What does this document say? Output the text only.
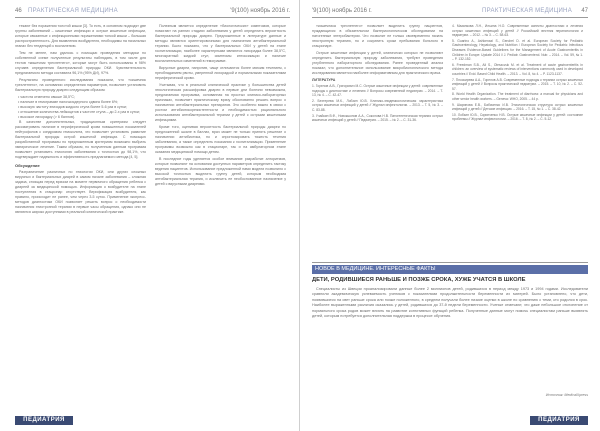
46 ПРАКТИЧЕСКАЯ МЕДИЦИНА	'9(100) ноябрь 2016 г.

текают без поражения толстой кишки [3]. То есть, в основном подходят две группы заболеваний – кишечные инфекции и острые кишечные инфекции, которые связанные с инфекционными поражениями тонкой кишки – большая распространенность. Для выявления возбудителя, необходимы на начальных этапах без тенденций к воспалению.

Тем не менее, нам удалось с помощью проведения методики по собственной схеме полученные результаты наблюдать, в том числе для тестов «кишечник трехлетнего», которые могут быть использованы в 98% случаев определения бактериальной природы ОКИ. Чувствительность предлагаемого метода составила 96,1% (95% ДИ), 97%.

Результаты проведенного исследования показали, что «кишечник трехлетнего», на основании определения параметров, позволяет установить бактериальную природу диареи следующим образом:

• частота отмечено свыше 38,5°С;

• наличие в гемограмме палочкоядерного сдвига более 6%;

• высокую частоту эпизодов жидкого стула более 5-6 раз в сутки;

• отношение количества лейкоцитов к частоте стула – до 2-х раз в сутки;

• высокое лихорадку (> 6 баллов).

В качестве дополнительных, традиционным критериям следует рассматривать наличие в периферической крови повышенных показателей нейтрофилов с синдромом гемоколита, что позволяет установить развитие бактериальной природы острой кишечной инфекции. С помощью разработанной программы по предложенным критериям возможно выбрать эмпирическое лечение. Таким образом, по полученным данным программа позволяет установить этиологию заболевания с точностью до 98,1%, что подтверждает надежность и эффективность предлагаемого метода [4, 5].

Обсуждение

Разграничение различных по этиологии ОКИ, или других сложных вирусных и бактериальных диарей в самом начале заболевания – сложная задача, стоящая перед врачом на момент первичного обращения ребенка с диареей за медицинской помощью. Информация о возбудителе на этапе поступления в стационар отсутствует. Верификация возбудителя, как правило, происходит не ранее, чем через 3-5 суток. Применение экспресс-методов диагностики ОКИ позволяет решить вопрос о необходимости назначения этиотропной терапии в первые часы обращения, однако они не являются широко доступными в реальной клинической практике.

Полезным является определение «биологических» симптомов, которые помогают на ранних стадиях заболевания у детей определить вероятность бактериальной природы диареи. Предложенные в литературе данные и методы являются ориентировочными для назначения антибактериальной терапии. Было показано, что у бактериальных ОКИ у детей на этапе госпитализации, наиболее характерными являются лихорадка более 38,5°С, многократный жидкий стул, симптомы интоксикации и наличие воспалительных изменений в гемограмме.

Вирусные диареи, напротив, чаще отличаются более мягким течением, с преобладанием рвоты, умеренной лихорадкой и нормальными показателями периферической крови.

Учитывая, что в реальной клинической практике у большинства детей этиологическая расшифровка диареи в первые дни болезни невозможна, предлагаемая программа, основанная на простых клинико-лабораторных признаках, позволяет практическому врачу обоснованно решать вопрос о назначении антибактериальных препаратов. Это особенно важно в связи с ростом антибиотикорезистентности и необходимостью рационального использования антибактериальной терапии у детей с острыми кишечными инфекциями.

Кроме того, оценивая вероятность бактериальной природы диареи по предложенной шкале в баллах, врач может не только принять решение о назначении антибиотика, но и спрогнозировать тяжесть течения заболевания, а также определить показания к госпитализации. Применение программы возможно как в стационаре, так и на амбулаторном этапе оказания медицинской помощи детям.

В последние годы уделяется особое внимание разработке алгоритмов, которые позволяют на основании доступных параметров определить тактику ведения пациентов. Использование предложенной нами модели позволило с высокой точностью выделить группу детей, которым необходима антибактериальная терапия, и исключить ее необоснованное назначение у детей с вирусными диареями.

ПЕДИАТРИЯ
'9(100) ноябрь 2016 г.	ПРАКТИЧЕСКАЯ МЕДИЦИНА 47

«кишечника трехлетнего» позволяет выделить группу пациентов, нуждающихся в обязательном бактериологическом обследовании на патогенные энтеробактерии. Что позволит не только своевременно начать этиотропную терапию, но и сократить сроки пребывания больного в стационаре.

Острые кишечные инфекции у детей, клинически которых не позволяют определить бактериальную природу заболевания, требуют проведения углубленного лабораторного обследования. Ранее проведенный анализ показал, что дополнительное использование микробиологического метода исследования является наиболее информативным для практического врача.

ЛИТЕРАТУРА

1. Горелов А.В., Григорович М.С. Острые кишечные инфекции у детей: современные подходы к диагностике и лечению // Вопросы современной педиатрии. – 2014. – Т. 13, № 4. – С. 42-47.

2. Бехтерева М.К., Лобзин Ю.В. Клинико-эпидемиологическая характеристика острых кишечных инфекций у детей // Журнал инфектологии. – 2013. – Т. 5, № 3. – С. 83-88.

3. Учайкин В.Ф., Новокшонов А.А., Соколова Н.В. Патогенетическая терапия острых кишечных инфекций у детей // Педиатрия. – 2015. – № 2. – С. 31-36.

4. Мазанкова Л.Н., Ильина Н.О. Современные аспекты диагностики и лечения острых кишечных инфекций у детей // Российский вестник перинатологии и педиатрии. – 2012. – № 3. – С. 58-63.

5. Guarino A., Ashkenazi S., Gendrel D. et al. European Society for Pediatric Gastroenterology, Hepatology, and Nutrition / European Society for Pediatric Infectious Diseases Evidence-Based Guidelines for the Management of Acute Gastroenteritis in Children in Europe: Update 2014 // J. Pediatr. Gastroenterol. Nutr. – 2014. – Vol. 59, № 1. – P. 132-152.

6. Freedman S.B., Ali S., Oleszczuk M. et al. Treatment of acute gastroenteritis in children: an overview of systematic reviews of interventions commonly used in developed countries // Evid. Based Child Health. – 2013. – Vol. 8, № 4. – P. 1123-1137.

7. Плоскирева А.А., Горелов А.В. Современные подходы к терапии острых кишечных инфекций у детей // Вопросы практической педиатрии. – 2015. – Т. 10, № 2. – С. 52-57.

8. World Health Organization. The treatment of diarrhoea: a manual for physicians and other senior health workers. – Geneva: WHO, 2005. – 44 p.

9. Шарипова Е.В., Бабаченко И.В. Этиологическая структура острых кишечных инфекций у детей // Детские инфекции. – 2016. – Т. 15, № 1. – С. 38-42.

10. Лобзин Ю.В., Скрипченко Н.В. Острые кишечные инфекции у детей: состояние проблемы // Журнал инфектологии. – 2016. – Т. 8, № 2. – С. 5-12.

НОВОЕ В МЕДИЦИНЕ. ИНТЕРЕСНЫЕ ФАКТЫ
ДЕТИ, РОДИВШИЕСЯ РАНЬШЕ И ПОЗЖЕ СРОКА, ХУЖЕ УЧАТСЯ В ШКОЛЕ

Специалисты из Швеции проанализировали данные более 2 миллионов детей, родившихся в период между 1973 и 1994 годами. Исследователи сравнили академическую успеваемость учеников с показателями продолжительности беременности их матерей. Было установлено, что дети, появившиеся на свет раньше срока или позже положенного, в среднем получали более низкие оценки в школе по сравнению с теми, кто родился в срок. Наиболее выраженными различия оказались у детей, родившихся до 37-й недели беременности. Ученые отмечают, что даже небольшое отклонение от нормального срока родов может влиять на развитие когнитивных функций ребенка. Полученные данные могут помочь специалистам раньше выявлять детей, которым потребуется дополнительная поддержка в процессе обучения.

Источник: MedicalXpress
ПЕДИАТРИЯ
